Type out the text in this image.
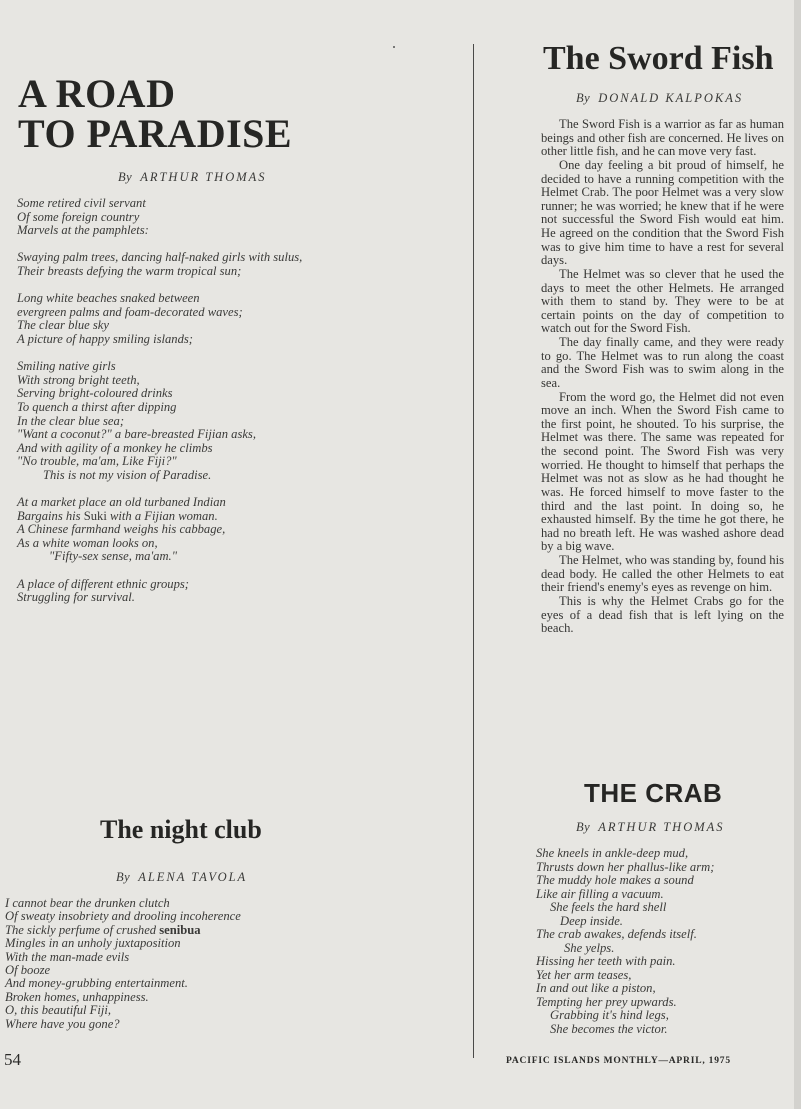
A ROAD
TO PARADISE
By ARTHUR THOMAS
Some retired civil servant
Of some foreign country
Marvels at the pamphlets:

Swaying palm trees, dancing half-naked girls with sulus,
Their breasts defying the warm tropical sun;

Long white beaches snaked between
evergreen palms and foam-decorated waves;
The clear blue sky
A picture of happy smiling islands;

Smiling native girls
With strong bright teeth,
Serving bright-coloured drinks
To quench a thirst after dipping
In the clear blue sea;
"Want a coconut?" a bare-breasted Fijian asks,
And with agility of a monkey he climbs
"No trouble, ma'am, Like Fiji?"
This is not my vision of Paradise.

At a market place an old turbaned Indian
Bargains his Suki with a Fijian woman.
A Chinese farmhand weighs his cabbage,
As a white woman looks on,
"Fifty-sex sense, ma'am."

A place of different ethnic groups;
Struggling for survival.
The night club
By ALENA TAVOLA
I cannot bear the drunken clutch
Of sweaty insobriety and drooling incoherence
The sickly perfume of crushed senibua
Mingles in an unholy juxtaposition
With the man-made evils
Of booze
And money-grubbing entertainment.
Broken homes, unhappiness.
O, this beautiful Fiji,
Where have you gone?
54
The Sword Fish
By DONALD KALPOKAS

The Sword Fish is a warrior as far as human beings and other fish are concerned. He lives on other little fish, and he can move very fast.

One day feeling a bit proud of himself, he decided to have a running competition with the Helmet Crab. The poor Helmet was a very slow runner; he was worried; he knew that if he were not successful the Sword Fish would eat him. He agreed on the condition that the Sword Fish was to give him time to have a rest for several days.

The Helmet was so clever that he used the days to meet the other Helmets. He arranged with them to stand by. They were to be at certain points on the day of competition to watch out for the Sword Fish.

The day finally came, and they were ready to go. The Helmet was to run along the coast and the Sword Fish was to swim along in the sea.

From the word go, the Helmet did not even move an inch. When the Sword Fish came to the first point, he shouted. To his surprise, the Helmet was there. The same was repeated for the second point. The Sword Fish was very worried. He thought to himself that perhaps the Helmet was not as slow as he had thought he was. He forced himself to move faster to the third and the last point. In doing so, he exhausted himself. By the time he got there, he had no breath left. He was washed ashore dead by a big wave.

The Helmet, who was standing by, found his dead body. He called the other Helmets to eat their friend's enemy's eyes as revenge on him.

This is why the Helmet Crabs go for the eyes of a dead fish that is left lying on the beach.

THE CRAB
By ARTHUR THOMAS
She kneels in ankle-deep mud,
Thrusts down her phallus-like arm;
The muddy hole makes a sound
Like air filling a vacuum.
She feels the hard shell
Deep inside.
The crab awakes, defends itself.
She yelps.
Hissing her teeth with pain.
Yet her arm teases,
In and out like a piston,
Tempting her prey upwards.
Grabbing it's hind legs,
She becomes the victor.
PACIFIC ISLANDS MONTHLY—APRIL, 1975
